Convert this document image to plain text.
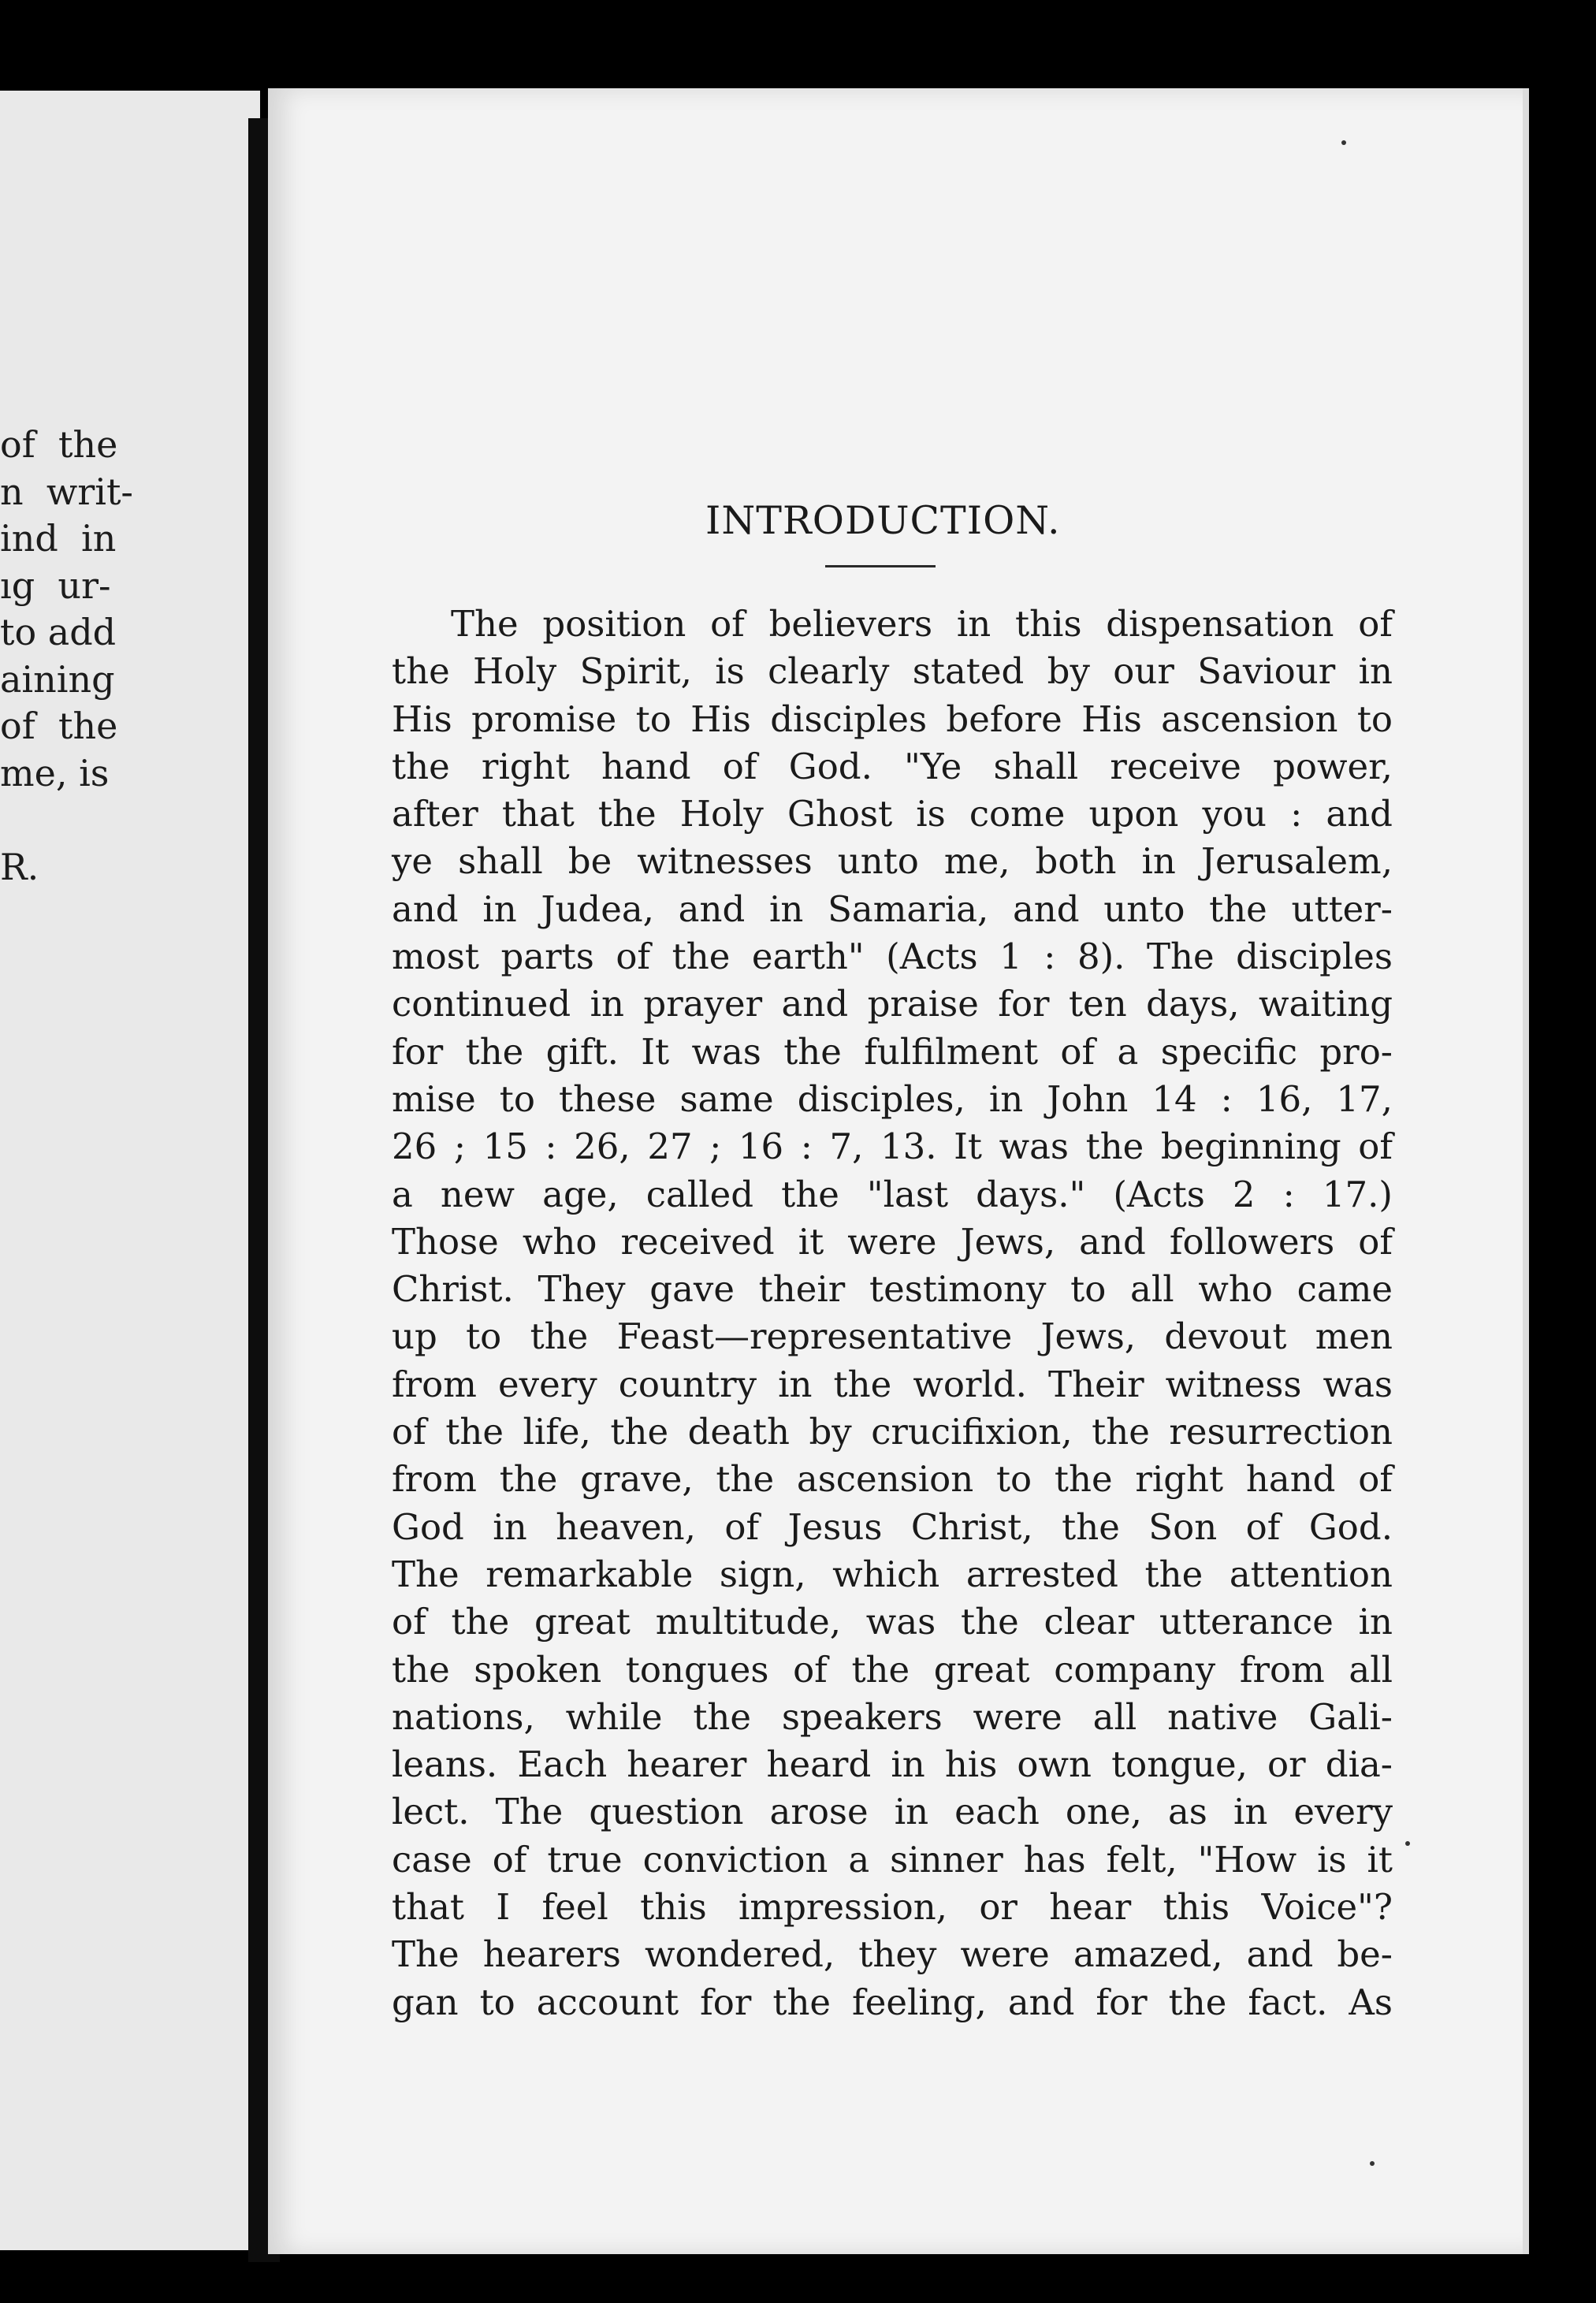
of  the
n  writ-
ind  in
ıg  ur-
to add
aining
of  the
me, is
R.
INTRODUCTION.
The position of believers in this dispensation of
the Holy Spirit, is clearly stated by our Saviour in
His promise to His disciples before His ascension to
the right hand of God. "Ye shall receive power,
after that the Holy Ghost is come upon you : and
ye shall be witnesses unto me, both in Jerusalem,
and in Judea, and in Samaria, and unto the utter-
most parts of the earth" (Acts 1 : 8). The disciples
continued in prayer and praise for ten days, waiting
for the gift. It was the fulfilment of a specific pro-
mise to these same disciples, in John 14 : 16, 17,
26 ; 15 : 26, 27 ; 16 : 7, 13. It was the beginning of
a new age, called the "last days." (Acts 2 : 17.)
Those who received it were Jews, and followers of
Christ. They gave their testimony to all who came
up to the Feast—representative Jews, devout men
from every country in the world. Their witness was
of the life, the death by crucifixion, the resurrection
from the grave, the ascension to the right hand of
God in heaven, of Jesus Christ, the Son of God.
The remarkable sign, which arrested the attention
of the great multitude, was the clear utterance in
the spoken tongues of the great company from all
nations, while the speakers were all native Gali-
leans. Each hearer heard in his own tongue, or dia-
lect. The question arose in each one, as in every
case of true conviction a sinner has felt, "How is it
that I feel this impression, or hear this Voice"?
The hearers wondered, they were amazed, and be-
gan to account for the feeling, and for the fact. As
